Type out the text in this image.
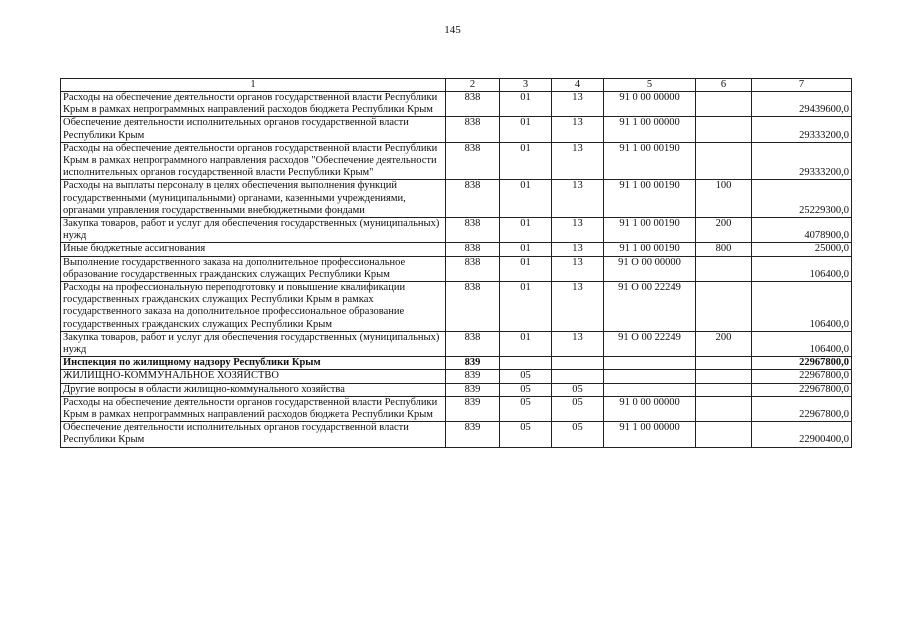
145
1	2	3	4	5	6	7
Расходы на обеспечение деятельности органов государственной власти Республики Крым в рамках непрограммных направлений расходов бюджета Республики Крым	838	01	13	91 0 00 00000		29439600,0
Обеспечение деятельности исполнительных органов государственной власти Республики Крым	838	01	13	91 1 00 00000		29333200,0
Расходы на обеспечение деятельности органов государственной власти Республики Крым в рамках непрограммного направления расходов "Обеспечение деятельности исполнительных органов государственной власти Республики Крым"	838	01	13	91 1 00 00190		29333200,0
Расходы на выплаты персоналу в целях обеспечения выполнения функций государственными (муниципальными) органами, казенными учреждениями, органами управления государственными внебюджетными фондами	838	01	13	91 1 00 00190	100	25229300,0
Закупка товаров, работ и услуг для обеспечения государственных (муниципальных) нужд	838	01	13	91 1 00 00190	200	4078900,0
Иные бюджетные ассигнования	838	01	13	91 1 00 00190	800	25000,0
Выполнение государственного заказа на дополнительное профессиональное образование государственных гражданских служащих Республики Крым	838	01	13	91 О 00 00000		106400,0
Расходы на профессиональную переподготовку и повышение квалификации государственных гражданских служащих Республики Крым в рамках государственного заказа на дополнительное профессиональное образование государственных гражданских служащих Республики Крым	838	01	13	91 О 00 22249		106400,0
Закупка товаров, работ и услуг для обеспечения государственных (муниципальных) нужд	838	01	13	91 О 00 22249	200	106400,0
Инспекция по жилищному надзору Республики Крым	839					22967800,0
ЖИЛИЩНО-КОММУНАЛЬНОЕ ХОЗЯЙСТВО	839	05				22967800,0
Другие вопросы в области жилищно-коммунального хозяйства	839	05	05			22967800,0
Расходы на обеспечение деятельности органов государственной власти Республики Крым в рамках непрограммных направлений расходов бюджета Республики Крым	839	05	05	91 0 00 00000		22967800,0
Обеспечение деятельности исполнительных органов государственной власти Республики Крым	839	05	05	91 1 00 00000		22900400,0
